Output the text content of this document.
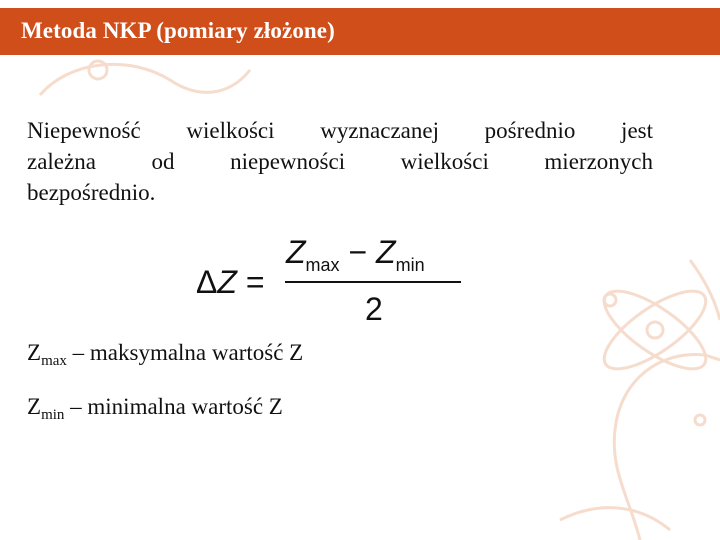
Metoda NKP (pomiary złożone)
Niepewność wielkości wyznaczanej pośrednio jest
zależna od niepewności wielkości mierzonych
bezpośrednio.
ΔZ =
$Z_{max} - Z_{min}$
2
$Z_{max}$ – maksymalna wartość Z
$Z_{min}$ – minimalna wartość Z
